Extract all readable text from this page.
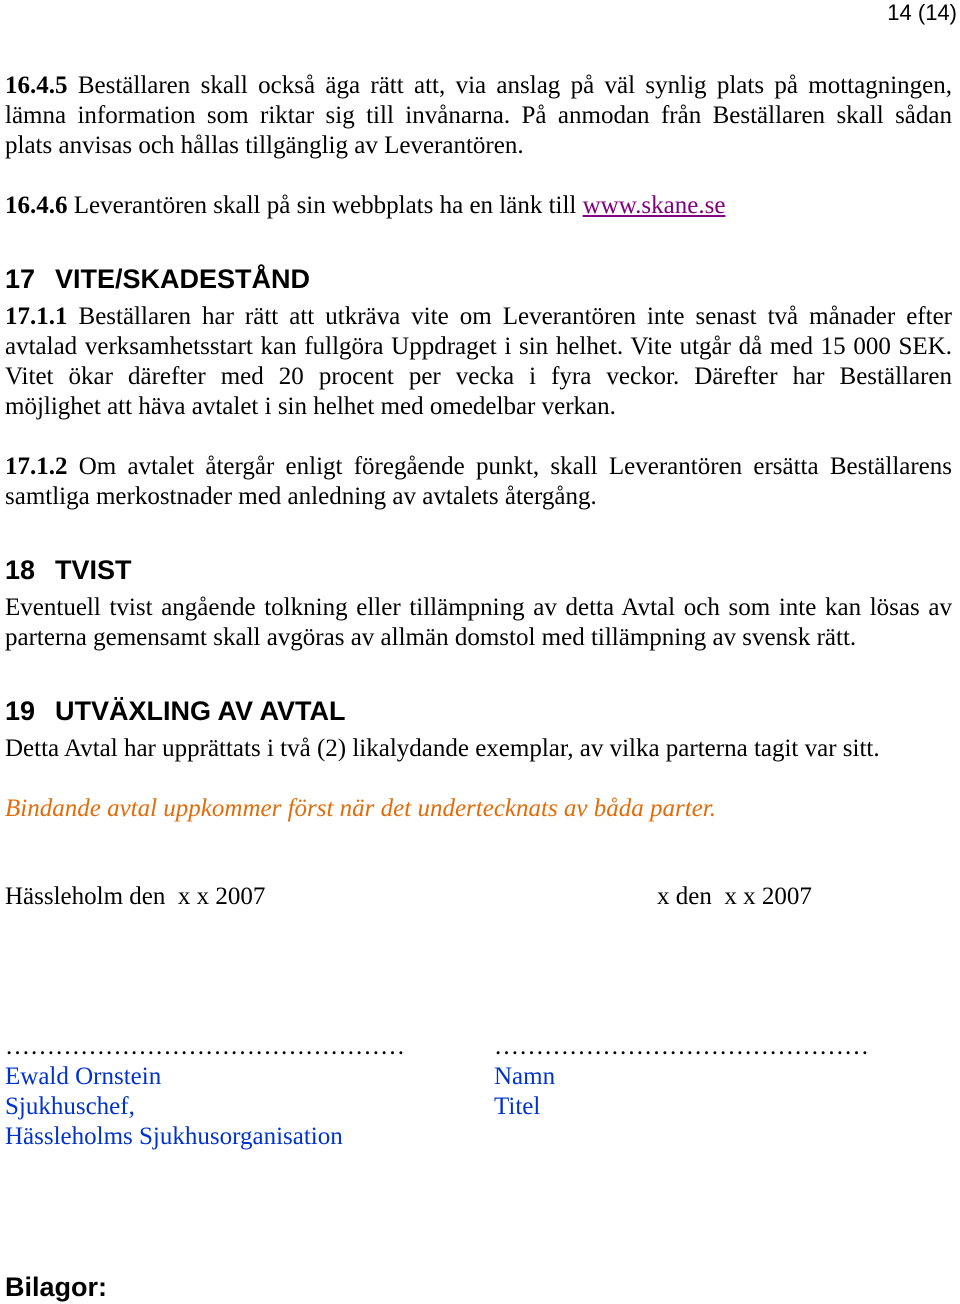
14 (14)
16.4.5 Beställaren skall också äga rätt att, via anslag på väl synlig plats på mottagningen,
lämna information som riktar sig till invånarna. På anmodan från Beställaren skall sådan
plats anvisas och hållas tillgänglig av Leverantören.
16.4.6 Leverantören skall på sin webbplats ha en länk till www.skane.se
17 VITE/SKADESTÅND
17.1.1 Beställaren har rätt att utkräva vite om Leverantören inte senast två månader efter
avtalad verksamhetsstart kan fullgöra Uppdraget i sin helhet. Vite utgår då med 15 000 SEK.
Vitet ökar därefter med 20 procent per vecka i fyra veckor. Därefter har Beställaren
möjlighet att häva avtalet i sin helhet med omedelbar verkan.
17.1.2 Om avtalet återgår enligt föregående punkt, skall Leverantören ersätta Beställarens
samtliga merkostnader med anledning av avtalets återgång.
18 TVIST
Eventuell tvist angående tolkning eller tillämpning av detta Avtal och som inte kan lösas av
parterna gemensamt skall avgöras av allmän domstol med tillämpning av svensk rätt.
19 UTVÄXLING AV AVTAL
Detta Avtal har upprättats i två (2) likalydande exemplar, av vilka parterna tagit var sitt.
Bindande avtal uppkommer först när det undertecknats av båda parter.
Hässleholm den  x x 2007	x den  x x 2007
…………………………………………	………………………………………
Ewald Ornstein
Sjukhuschef,
Hässleholms Sjukhusorganisation
Namn
Titel
Bilagor:
